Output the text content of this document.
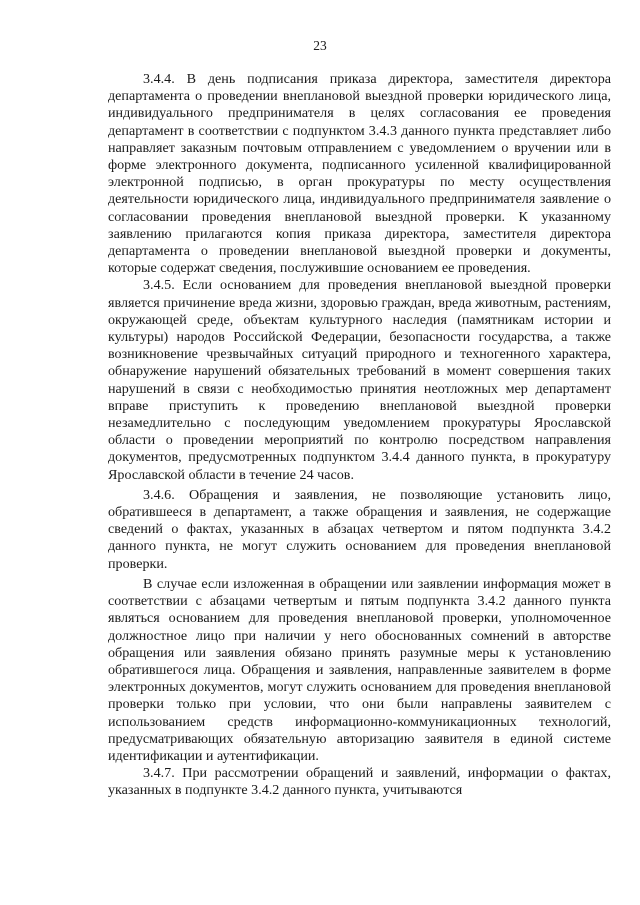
23

3.4.4. В день подписания приказа директора, заместителя директора департамента о проведении внеплановой выездной проверки юридического лица, индивидуального предпринимателя в целях согласования ее проведения департамент в соответствии с подпунктом 3.4.3 данного пункта представляет либо направляет заказным почтовым отправлением с уведомлением о вручении или в форме электронного документа, подписанного усиленной квалифицированной электронной подписью, в орган прокуратуры по месту осуществления деятельности юридического лица, индивидуального предпринимателя заявление о согласовании проведения внеплановой выездной проверки. К указанному заявлению прилагаются копия приказа директора, заместителя директора департамента о проведении внеплановой выездной проверки и документы, которые содержат сведения, послужившие основанием ее проведения.

3.4.5. Если основанием для проведения внеплановой выездной проверки является причинение вреда жизни, здоровью граждан, вреда животным, растениям, окружающей среде, объектам культурного наследия (памятникам истории и культуры) народов Российской Федерации, безопасности государства, а также возникновение чрезвычайных ситуаций природного и техногенного характера, обнаружение нарушений обязательных требований в момент совершения таких нарушений в связи с необходимостью принятия неотложных мер департамент вправе приступить к проведению внеплановой выездной проверки незамедлительно с последующим уведомлением прокуратуры Ярославской области о проведении мероприятий по контролю посредством направления документов, предусмотренных подпунктом 3.4.4 данного пункта, в прокуратуру Ярославской области в течение 24 часов.

3.4.6. Обращения и заявления, не позволяющие установить лицо, обратившееся в департамент, а также обращения и заявления, не содержащие сведений о фактах, указанных в абзацах четвертом и пятом подпункта 3.4.2 данного пункта, не могут служить основанием для проведения внеплановой проверки.

В случае если изложенная в обращении или заявлении информация может в соответствии с абзацами четвертым и пятым подпункта 3.4.2 данного пункта являться основанием для проведения внеплановой проверки, уполномоченное должностное лицо при наличии у него обоснованных сомнений в авторстве обращения или заявления обязано принять разумные меры к установлению обратившегося лица. Обращения и заявления, направленные заявителем в форме электронных документов, могут служить основанием для проведения внеплановой проверки только при условии, что они были направлены заявителем с использованием средств информационно-коммуникационных технологий, предусматривающих обязательную авторизацию заявителя в единой системе идентификации и аутентификации.

3.4.7. При рассмотрении обращений и заявлений, информации о фактах, указанных в подпункте 3.4.2 данного пункта, учитываются
